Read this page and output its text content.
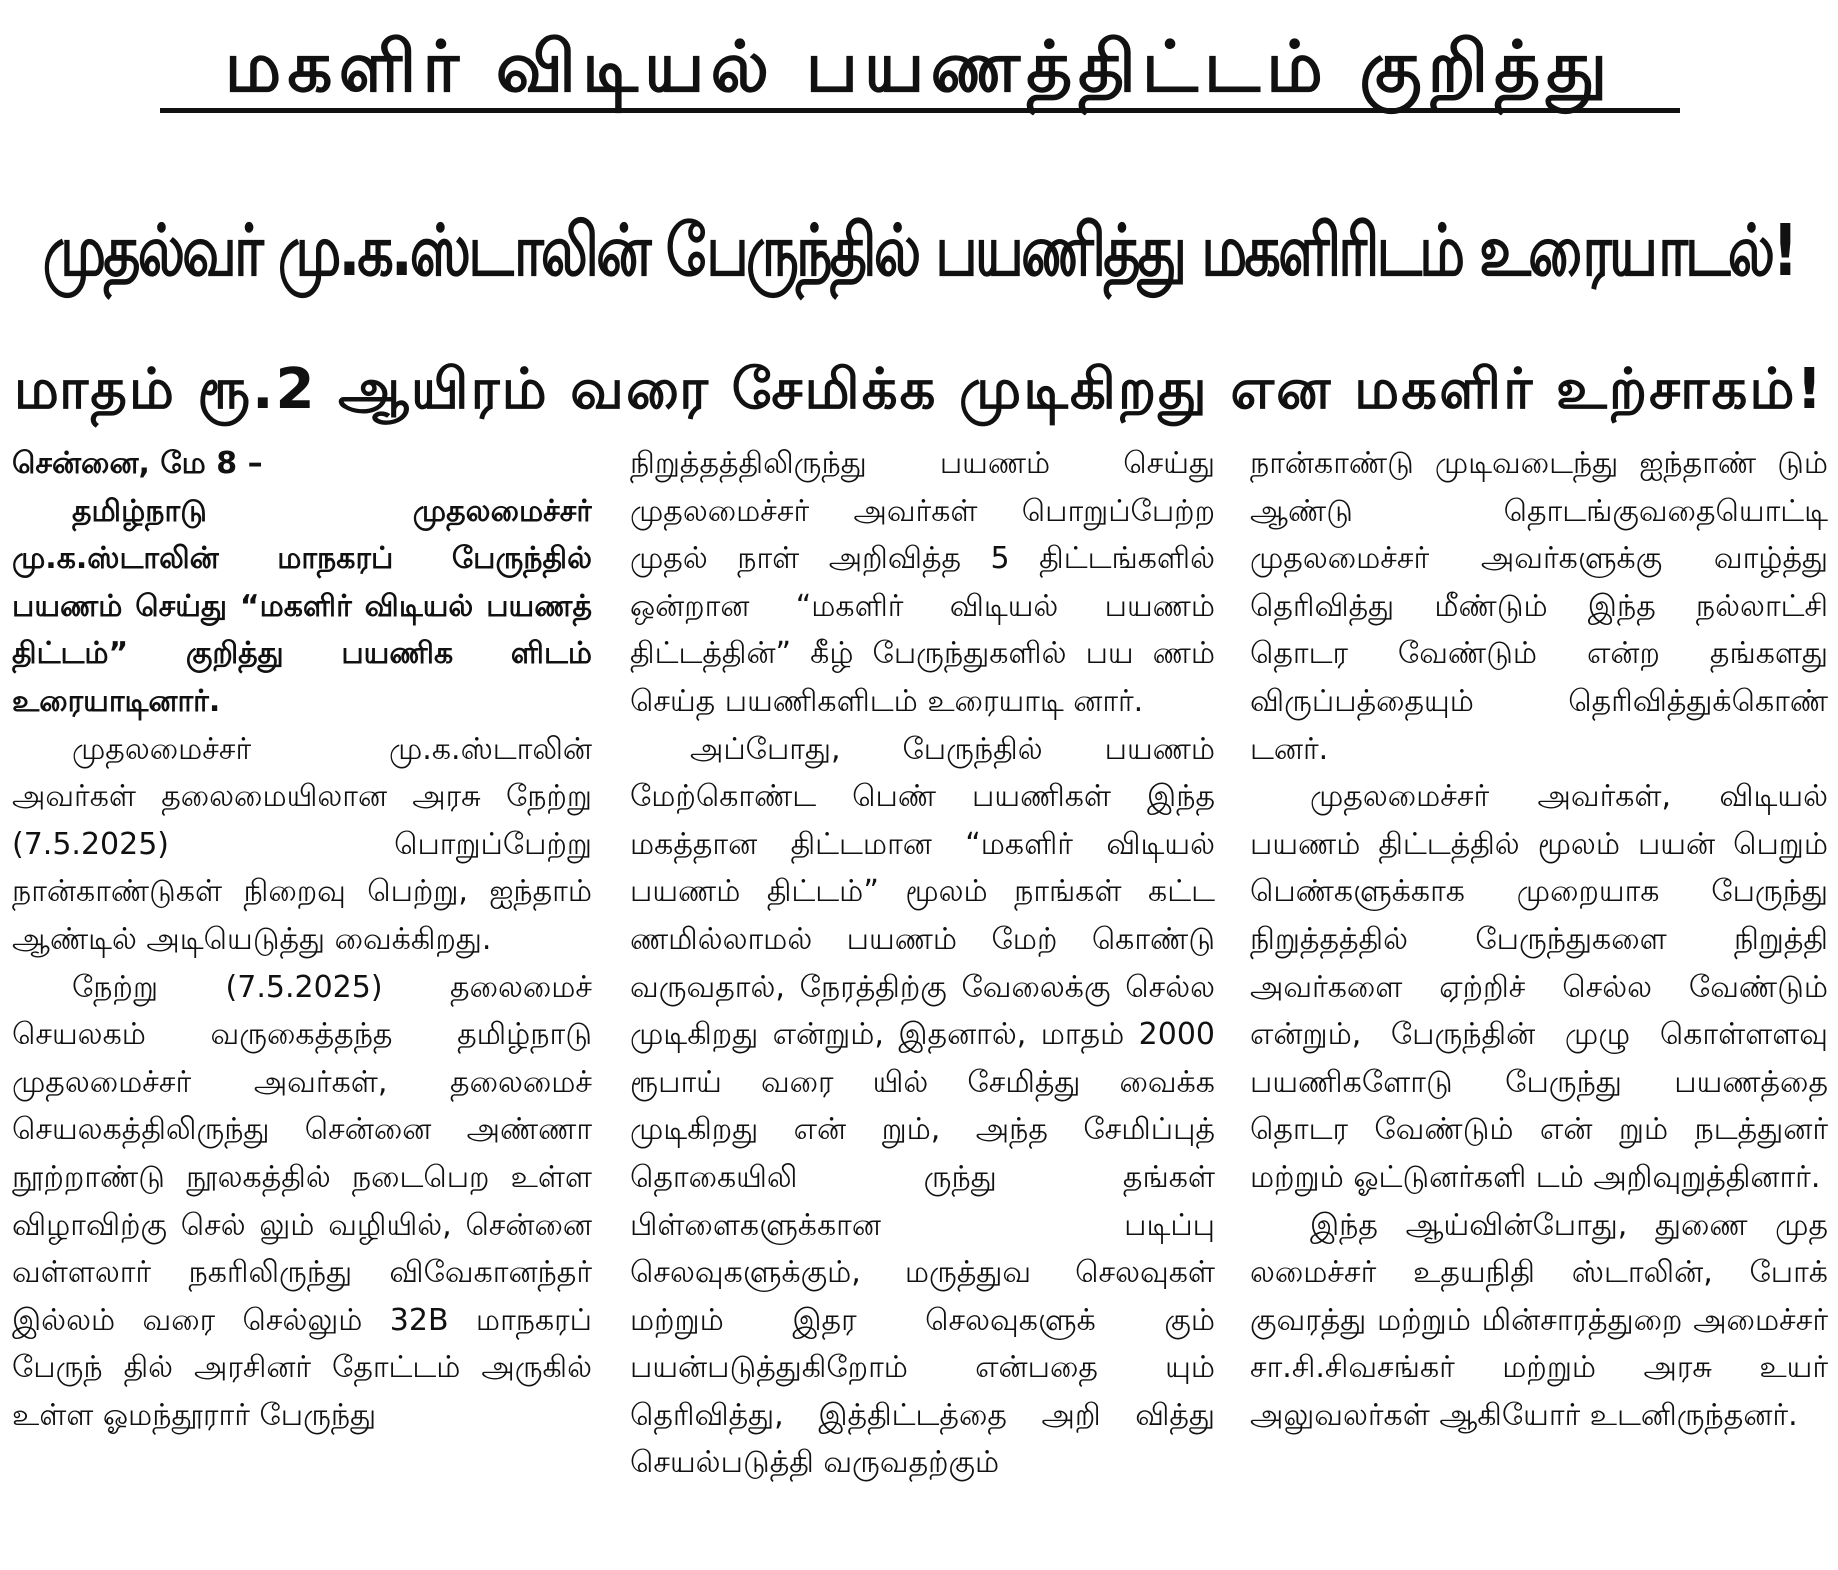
மகளிர் விடியல் பயணத்திட்டம் குறித்து
முதல்வர் மு.க.ஸ்டாலின் பேருந்தில் பயணித்து மகளிரிடம் உரையாடல்!
மாதம் ரூ.2 ஆயிரம் வரை சேமிக்க முடிகிறது என மகளிர் உற்சாகம்!

சென்னை, மே 8 –

தமிழ்நாடு முதலமைச்சர் மு.க.ஸ்டாலின் மாநகரப் பேருந்தில் பயணம் செய்து “மகளிர் விடியல் பயணத் திட்டம்” குறித்து பயணிக ளிடம் உரையாடினார்.

முதலமைச்சர் மு.க.ஸ்டாலின் அவர்கள் தலைமையிலான அரசு நேற்று (7.5.2025) பொறுப்பேற்று நான்காண்டுகள் நிறைவு பெற்று, ஐந்தாம் ஆண்டில் அடியெடுத்து வைக்கிறது.

நேற்று (7.5.2025) தலைமைச் செயலகம் வருகைத்தந்த தமிழ்நாடு முதலமைச்சர் அவர்கள், தலைமைச் செயலகத்திலிருந்து சென்னை அண்ணா நூற்றாண்டு நூலகத்தில் நடைபெற உள்ள விழாவிற்கு செல் லும் வழியில், சென்னை வள்ளலார் நகரிலிருந்து விவேகானந்தர் இல்லம் வரை செல்லும் 32B மாநகரப் பேருந் தில் அரசினர் தோட்டம் அருகில் உள்ள ஓமந்தூரார் பேருந்து

நிறுத்தத்திலிருந்து பயணம் செய்து முதலமைச்சர் அவர்கள் பொறுப்பேற்ற முதல் நாள் அறிவித்த 5 திட்டங்களில் ஒன்றான “மகளிர் விடியல் பயணம் திட்டத்தின்” கீழ் பேருந்துகளில் பய ணம் செய்த பயணிகளிடம் உரையாடி னார்.

அப்போது, பேருந்தில் பயணம் மேற்கொண்ட பெண் பயணிகள் இந்த மகத்தான திட்டமான “மகளிர் விடியல் பயணம் திட்டம்” மூலம் நாங்கள் கட்ட ணமில்லாமல் பயணம் மேற் கொண்டு வருவதால், நேரத்திற்கு வேலைக்கு செல்ல முடிகிறது என்றும், இதனால், மாதம் 2000 ரூபாய் வரை யில் சேமித்து வைக்க முடிகிறது என் றும், அந்த சேமிப்புத் தொகையிலி ருந்து தங்கள் பிள்ளைகளுக்கான படிப்பு செலவுகளுக்கும், மருத்துவ செலவுகள் மற்றும் இதர செலவுகளுக் கும் பயன்படுத்துகிறோம் என்பதை யும் தெரிவித்து, இத்திட்டத்தை அறி வித்து செயல்படுத்தி வருவதற்கும்

நான்காண்டு முடிவடைந்து ஐந்தாண் டும் ஆண்டு தொடங்குவதையொட்டி முதலமைச்சர் அவர்களுக்கு வாழ்த்து தெரிவித்து மீண்டும் இந்த நல்லாட்சி தொடர வேண்டும் என்ற தங்களது விருப்பத்தையும் தெரிவித்துக்கொண் டனர்.

முதலமைச்சர் அவர்கள், விடியல் பயணம் திட்டத்தில் மூலம் பயன் பெறும் பெண்களுக்காக முறையாக பேருந்து நிறுத்தத்தில் பேருந்துகளை நிறுத்தி அவர்களை ஏற்றிச் செல்ல வேண்டும் என்றும், பேருந்தின் முழு கொள்ளளவு பயணிகளோடு பேருந்து பயணத்தை தொடர வேண்டும் என் றும் நடத்துனர் மற்றும் ஓட்டுனர்களி டம் அறிவுறுத்தினார்.

இந்த ஆய்வின்போது, துணை முத லமைச்சர் உதயநிதி ஸ்டாலின், போக் குவரத்து மற்றும் மின்சாரத்துறை அமைச்சர் சா.சி.சிவசங்கர் மற்றும் அரசு உயர் அலுவலர்கள் ஆகியோர் உடனிருந்தனர்.
